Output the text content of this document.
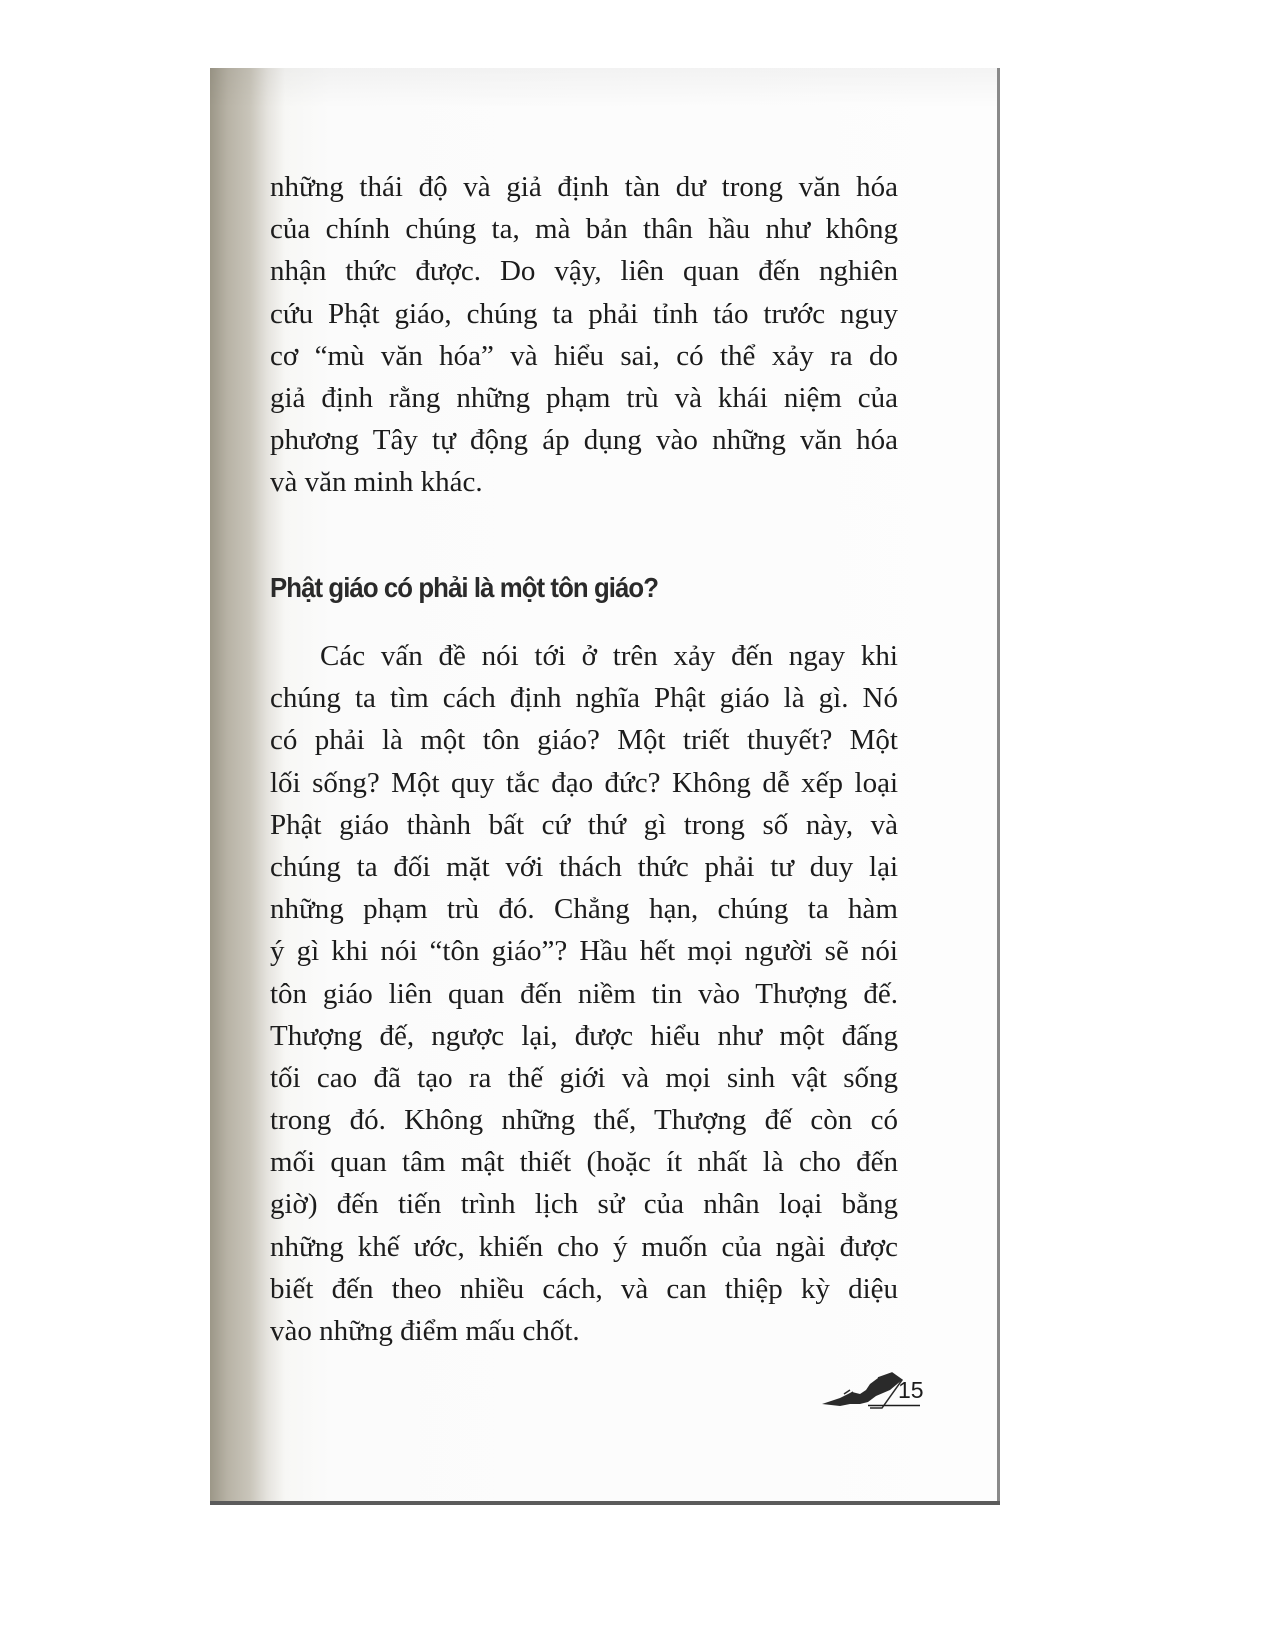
những thái độ và giả định tàn dư trong văn hóa
của chính chúng ta, mà bản thân hầu như không
nhận thức được. Do vậy, liên quan đến nghiên
cứu Phật giáo, chúng ta phải tỉnh táo trước nguy
cơ “mù văn hóa” và hiểu sai, có thể xảy ra do
giả định rằng những phạm trù và khái niệm của
phương Tây tự động áp dụng vào những văn hóa
và văn minh khác.
Phật giáo có phải là một tôn giáo?
Các vấn đề nói tới ở trên xảy đến ngay khi
chúng ta tìm cách định nghĩa Phật giáo là gì. Nó
có phải là một tôn giáo? Một triết thuyết? Một
lối sống? Một quy tắc đạo đức? Không dễ xếp loại
Phật giáo thành bất cứ thứ gì trong số này, và
chúng ta đối mặt với thách thức phải tư duy lại
những phạm trù đó. Chẳng hạn, chúng ta hàm
ý gì khi nói “tôn giáo”? Hầu hết mọi người sẽ nói
tôn giáo liên quan đến niềm tin vào Thượng đế.
Thượng đế, ngược lại, được hiểu như một đấng
tối cao đã tạo ra thế giới và mọi sinh vật sống
trong đó. Không những thế, Thượng đế còn có
mối quan tâm mật thiết (hoặc ít nhất là cho đến
giờ) đến tiến trình lịch sử của nhân loại bằng
những khế ước, khiến cho ý muốn của ngài được
biết đến theo nhiều cách, và can thiệp kỳ diệu
vào những điểm mấu chốt.
15
